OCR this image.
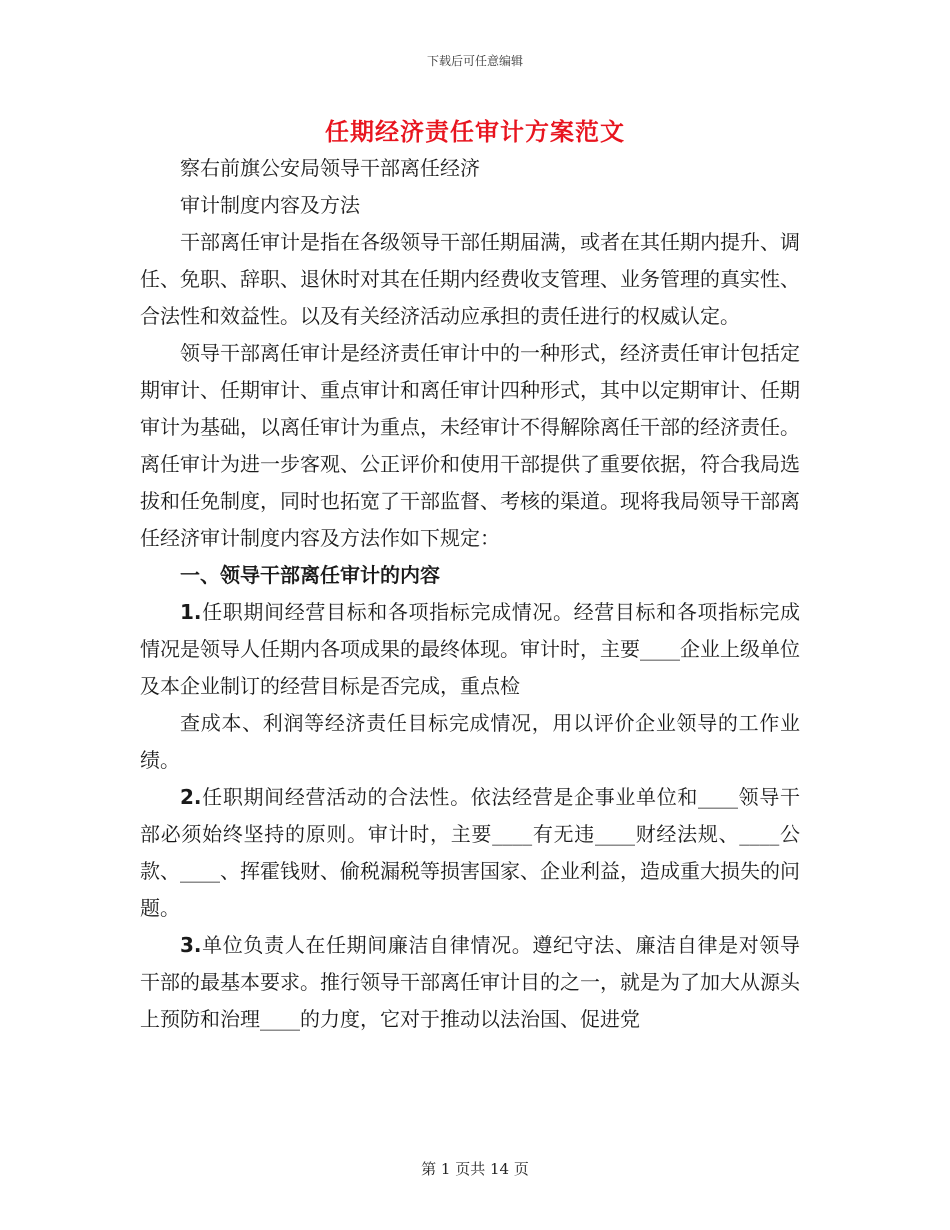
下载后可任意编辑
任期经济责任审计方案范文

察右前旗公安局领导干部离任经济

审计制度内容及方法

干部离任审计是指在各级领导干部任期届满，或者在其任期内提升、调任、免职、辞职、退休时对其在任期内经费收支管理、业务管理的真实性、合法性和效益性。以及有关经济活动应承担的责任进行的权威认定。

领导干部离任审计是经济责任审计中的一种形式，经济责任审计包括定期审计、任期审计、重点审计和离任审计四种形式，其中以定期审计、任期审计为基础，以离任审计为重点，未经审计不得解除离任干部的经济责任。离任审计为进一步客观、公正评价和使用干部提供了重要依据，符合我局选拔和任免制度，同时也拓宽了干部监督、考核的渠道。现将我局领导干部离任经济审计制度内容及方法作如下规定：

一、领导干部离任审计的内容

1.任职期间经营目标和各项指标完成情况。经营目标和各项指标完成情况是领导人任期内各项成果的最终体现。审计时，主要____企业上级单位及本企业制订的经营目标是否完成，重点检

查成本、利润等经济责任目标完成情况，用以评价企业领导的工作业绩。

2.任职期间经营活动的合法性。依法经营是企事业单位和____领导干部必须始终坚持的原则。审计时，主要____有无违____财经法规、____公款、____、挥霍钱财、偷税漏税等损害国家、企业利益，造成重大损失的问题。

3.单位负责人在任期间廉洁自律情况。遵纪守法、廉洁自律是对领导干部的最基本要求。推行领导干部离任审计目的之一，就是为了加大从源头上预防和治理____的力度，它对于推动以法治国、促进党

第 1 页共 14 页
